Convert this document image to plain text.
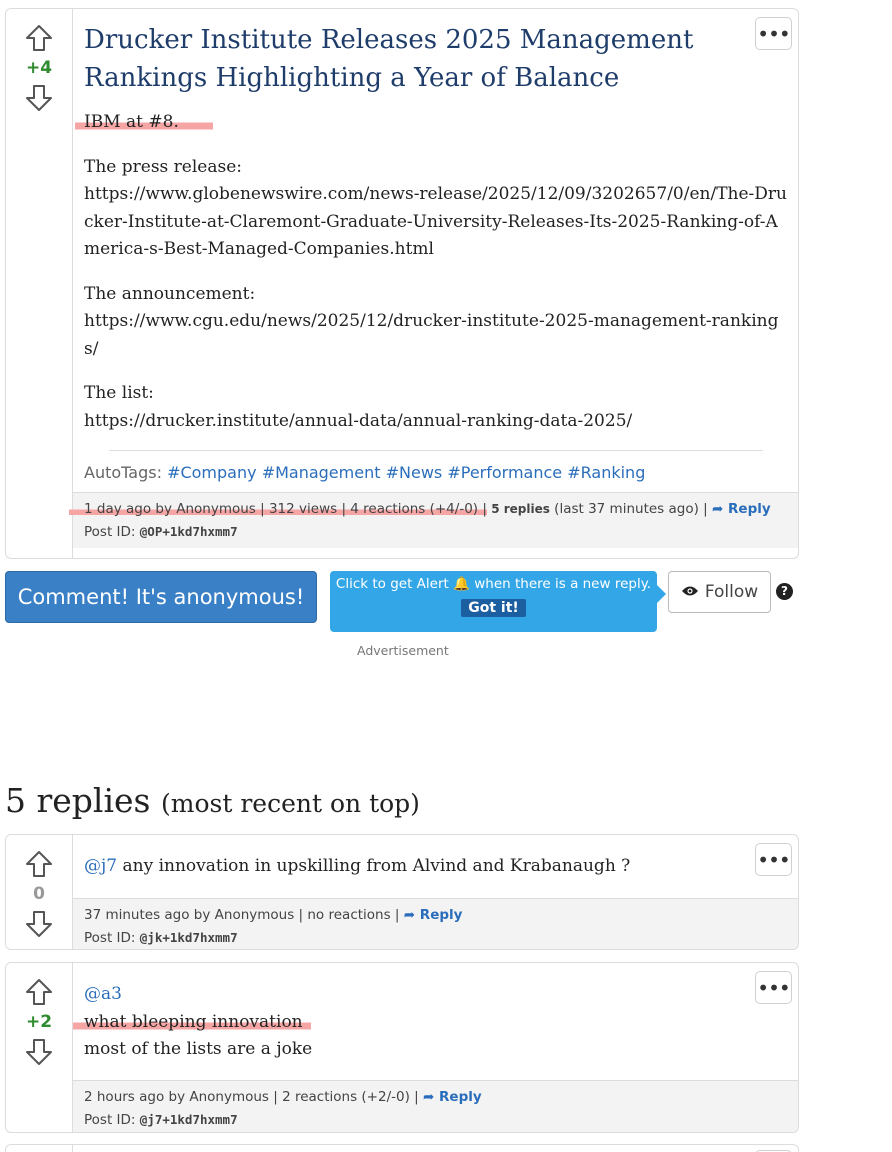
+4
•••
Drucker Institute Releases 2025 Management Rankings Highlighting a Year of Balance

IBM at #8.

The press release:
https://www.globenewswire.com/news-release/2025/12/09/3202657/0/en/The-Drucker-Institute-at-Claremont-Graduate-University-Releases-Its-2025-Ranking-of-America-s-Best-Managed-Companies.html

The announcement:
https://www.cgu.edu/news/2025/12/drucker-institute-2025-management-rankings/

The list:
https://drucker.institute/annual-data/annual-ranking-data-2025/

AutoTags: #Company #Management #News #Performance #Ranking
1 day ago by Anonymous | 312 views | 4 reactions (+4/-0) | 5 replies (last 37 minutes ago) | ➦ Reply
Post ID: @OP+1kd7hxmm7
Comment! It's anonymous!
Click to get Alert 🔔 when there is a new reply.
Got it!
Follow	?
Advertisement
5 replies (most recent on top)
0
•••

@j7 any innovation in upskilling from Alvind and Krabanaugh ?

37 minutes ago by Anonymous | no reactions | ➦ Reply
Post ID: @jk+1kd7hxmm7
+2
•••

@a3
what bleeping innovation
most of the lists are a joke

2 hours ago by Anonymous | 2 reactions (+2/-0) | ➦ Reply
Post ID: @j7+1kd7hxmm7
